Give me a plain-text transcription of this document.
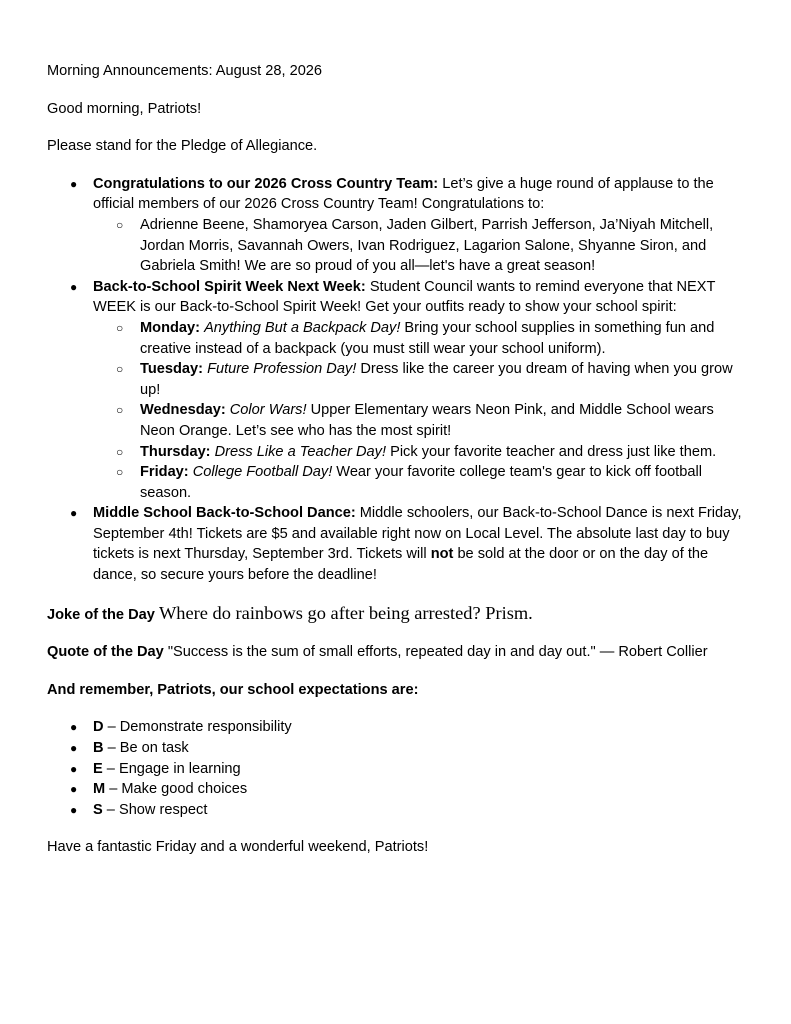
Morning Announcements: August 28, 2026

Good morning, Patriots!

Please stand for the Pledge of Allegiance.

● Congratulations to our 2026 Cross Country Team: Let’s give a huge round of applause to the official members of our 2026 Cross Country Team! Congratulations to:
○ Adrienne Beene, Shamoryea Carson, Jaden Gilbert, Parrish Jefferson, Ja’Niyah Mitchell, Jordan Morris, Savannah Owers, Ivan Rodriguez, Lagarion Salone, Shyanne Siron, and Gabriela Smith! We are so proud of you all—let's have a great season!
● Back-to-School Spirit Week Next Week: Student Council wants to remind everyone that NEXT WEEK is our Back-to-School Spirit Week! Get your outfits ready to show your school spirit:
○ Monday: Anything But a Backpack Day! Bring your school supplies in something fun and creative instead of a backpack (you must still wear your school uniform).
○ Tuesday: Future Profession Day! Dress like the career you dream of having when you grow up!
○ Wednesday: Color Wars! Upper Elementary wears Neon Pink, and Middle School wears Neon Orange. Let’s see who has the most spirit!
○ Thursday: Dress Like a Teacher Day! Pick your favorite teacher and dress just like them.
○ Friday: College Football Day! Wear your favorite college team's gear to kick off football season.
● Middle School Back-to-School Dance: Middle schoolers, our Back-to-School Dance is next Friday, September 4th! Tickets are $5 and available right now on Local Level. The absolute last day to buy tickets is next Thursday, September 3rd. Tickets will not be sold at the door or on the day of the dance, so secure yours before the deadline!

Joke of the Day Where do rainbows go after being arrested? Prism.

Quote of the Day "Success is the sum of small efforts, repeated day in and day out." — Robert Collier

And remember, Patriots, our school expectations are:

● D – Demonstrate responsibility
● B – Be on task
● E – Engage in learning
● M – Make good choices
● S – Show respect

Have a fantastic Friday and a wonderful weekend, Patriots!
